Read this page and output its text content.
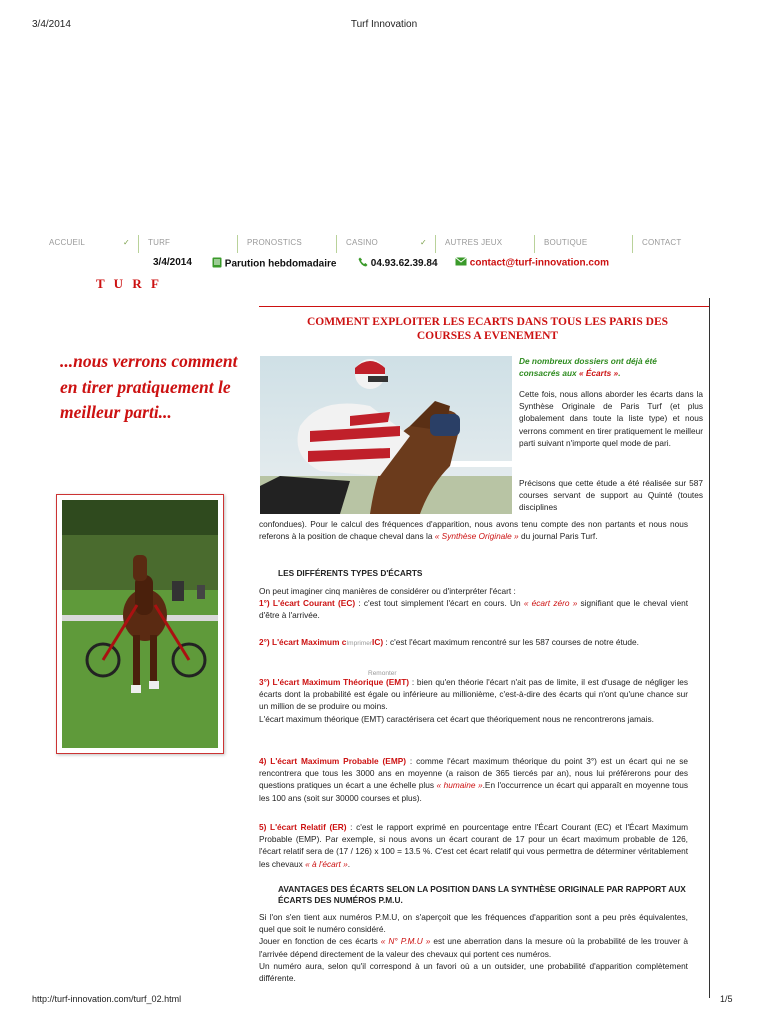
3/4/2014	Turf Innovation
ACCUEIL	✓ TURF	PRONOSTICS	CASINO	✓ AUTRES JEUX	BOUTIQUE	CONTACT
3/4/2014	Parution hebdomadaire	04.93.62.39.84	contact@turf-innovation.com
T U R F
...nous verrons comment en tirer pratiquement le meilleur parti...
COMMENT EXPLOITER LES ECARTS DANS TOUS LES PARIS DES COURSES A EVENEMENT
De nombreux dossiers ont déjà été
consacrés aux « Écarts ».
Cette fois, nous allons aborder les écarts dans la Synthèse Originale de Paris Turf (et plus globalement dans toute la liste type) et nous verrons comment en tirer pratiquement le meilleur parti suivant n'importe quel mode de pari.
Précisons que cette étude a été réalisée sur 587 courses servant de support au Quinté (toutes disciplines
confondues). Pour le calcul des fréquences d'apparition, nous avons tenu compte des non partants et nous nous referons à la position de chaque cheval dans la « Synthèse Originale » du journal Paris Turf.
LES DIFFÉRENTS TYPES D'ÉCARTS
On peut imaginer cinq manières de considérer ou d'interpréter l'écart :
1°) L'écart Courant (EC) : c'est tout simplement l'écart en cours. Un « écart zéro » signifiant que le cheval vient d'être à l'arrivée.
2°) L'écart Maximum cImprimerIC) : c'est l'écart maximum rencontré sur les 587 courses de notre étude.
Remonter
3°) L'écart Maximum Théorique (EMT) : bien qu'en théorie l'écart n'ait pas de limite, il est d'usage de négliger les écarts dont la probabilité est égale ou inférieure au millionième, c'est-à-dire des écarts qui n'ont qu'une chance sur un million de se produire ou moins.
L'écart maximum théorique (EMT) caractérisera cet écart que théoriquement nous ne rencontrerons jamais.
4) L'écart Maximum Probable (EMP) : comme l'écart maximum théorique du point 3°) est un écart qui ne se rencontrera que tous les 3000 ans en moyenne (a raison de 365 tiercés par an), nous lui préférerons pour des questions pratiques un écart a une échelle plus « humaine ».En l'occurrence un écart qui apparaît en moyenne tous les 100 ans (soit sur 30000 courses et plus).
5) L'écart Relatif (ER) : c'est le rapport exprimé en pourcentage entre l'Écart Courant (EC) et l'Écart Maximum Probable (EMP). Par exemple, si nous avons un écart courant de 17 pour un écart maximum probable de 126, l'écart relatif sera de (17 / 126) x 100 = 13.5 %. C'est cet écart relatif qui vous permettra de déterminer véritablement les chevaux « à l'écart ».
AVANTAGES DES ÉCARTS SELON LA POSITION DANS LA SYNTHÈSE ORIGINALE PAR RAPPORT AUX ÉCARTS DES NUMÉROS P.M.U.
Si l'on s'en tient aux numéros P.M.U, on s'aperçoit que les fréquences d'apparition sont a peu près équivalentes, quel que soit le numéro considéré.
Jouer en fonction de ces écarts « N° P.M.U » est une aberration dans la mesure où la probabilité de les trouver à l'arrivée dépend directement de la valeur des chevaux qui portent ces numéros.
Un numéro aura, selon qu'il correspond à un favori où a un outsider, une probabilité d'apparition complètement différente.
http://turf-innovation.com/turf_02.html	1/5
